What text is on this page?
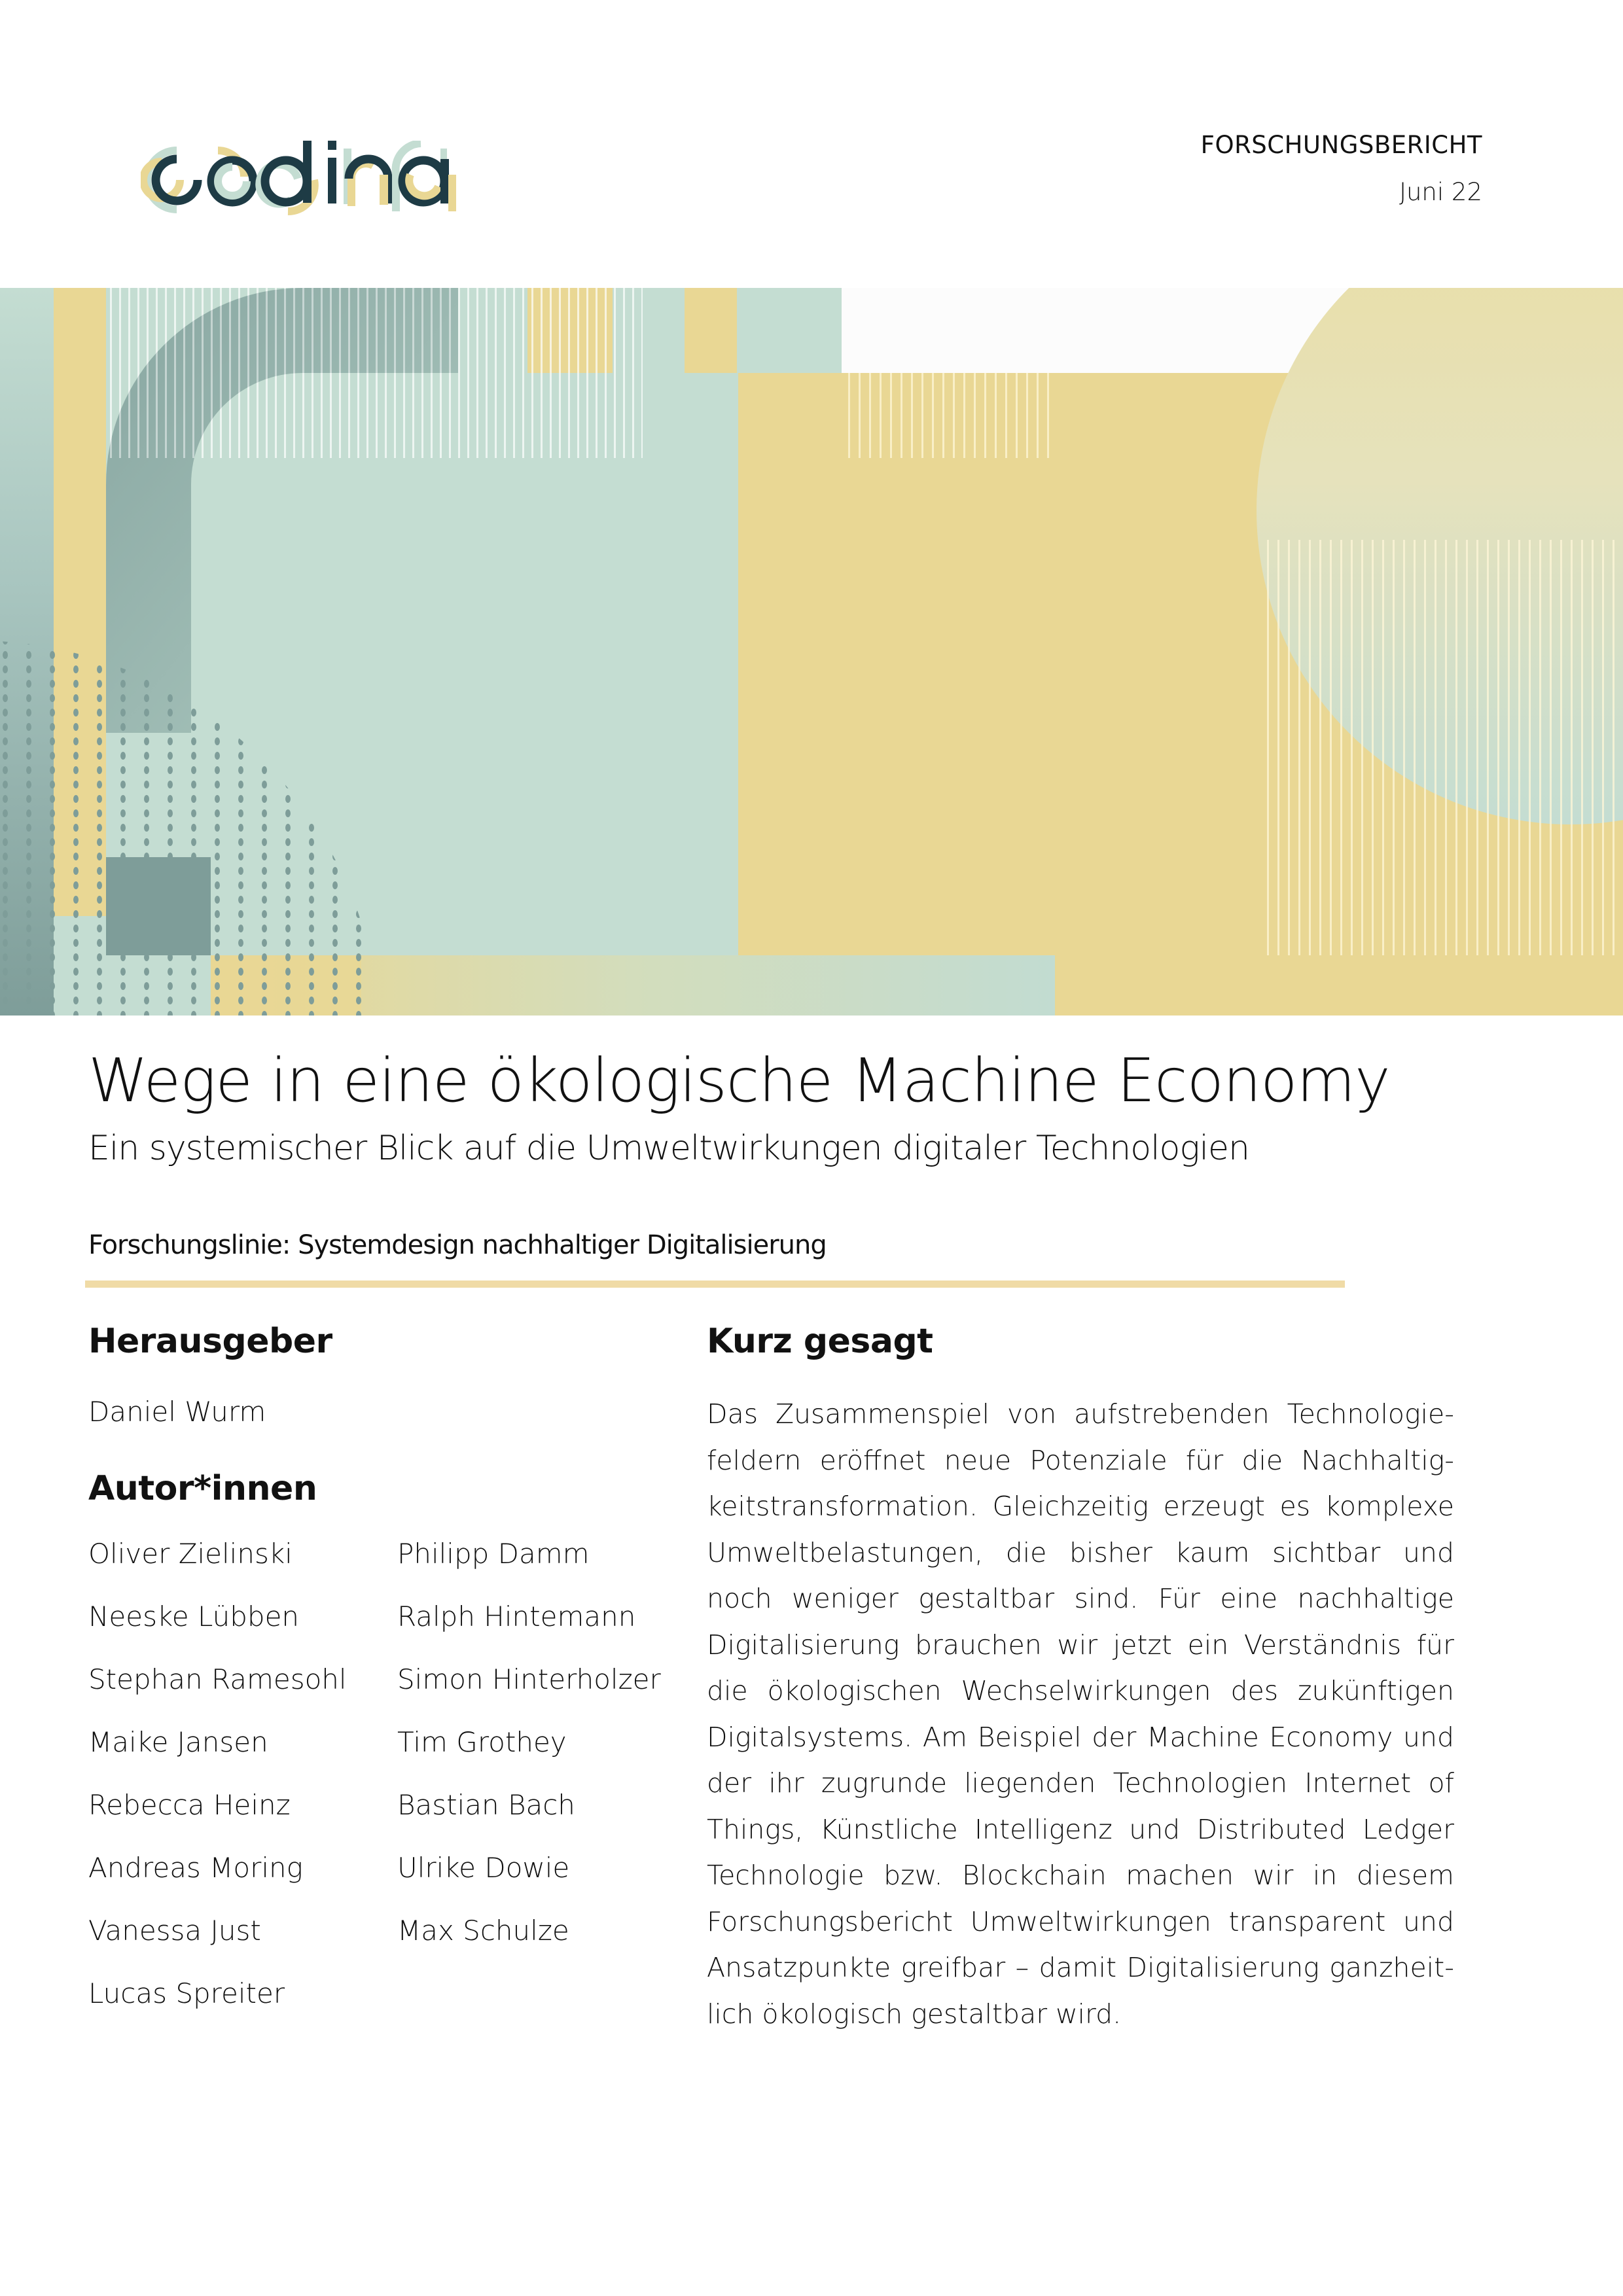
FORSCHUNGSBERICHT
Juni 22
Wege in eine ökologische Machine Economy
Ein systemischer Blick auf die Umweltwirkungen digitaler Technologien
Forschungslinie: Systemdesign nachhaltiger Digitalisierung
Herausgeber
Daniel Wurm
Autor*innen
Oliver Zielinski
Neeske Lübben
Stephan Ramesohl
Maike Jansen
Rebecca Heinz
Andreas Moring
Vanessa Just
Lucas Spreiter
Philipp Damm
Ralph Hintemann
Simon Hinterholzer
Tim Grothey
Bastian Bach
Ulrike Dowie
Max Schulze
Kurz gesagt
Das Zusammenspiel von aufstrebenden Technologiefeldern eröffnet neue Potenziale für die Nachhaltigkeitstransformation. Gleichzeitig erzeugt es komplexe Umweltbelastungen, die bisher kaum sichtbar und noch weniger gestaltbar sind. Für eine nachhaltige Digitalisierung brauchen wir jetzt ein Verständnis für die ökologischen Wechselwirkungen des zukünftigen Digitalsystems. Am Beispiel der Machine Economy und der ihr zugrunde liegenden Technologien Internet of Things, Künstliche Intelligenz und Distributed Ledger Technologie bzw. Blockchain machen wir in diesem Forschungsbericht Umweltwirkungen transparent und Ansatzpunkte greifbar – damit Digitalisierung ganzheitlich ökologisch gestaltbar wird.
